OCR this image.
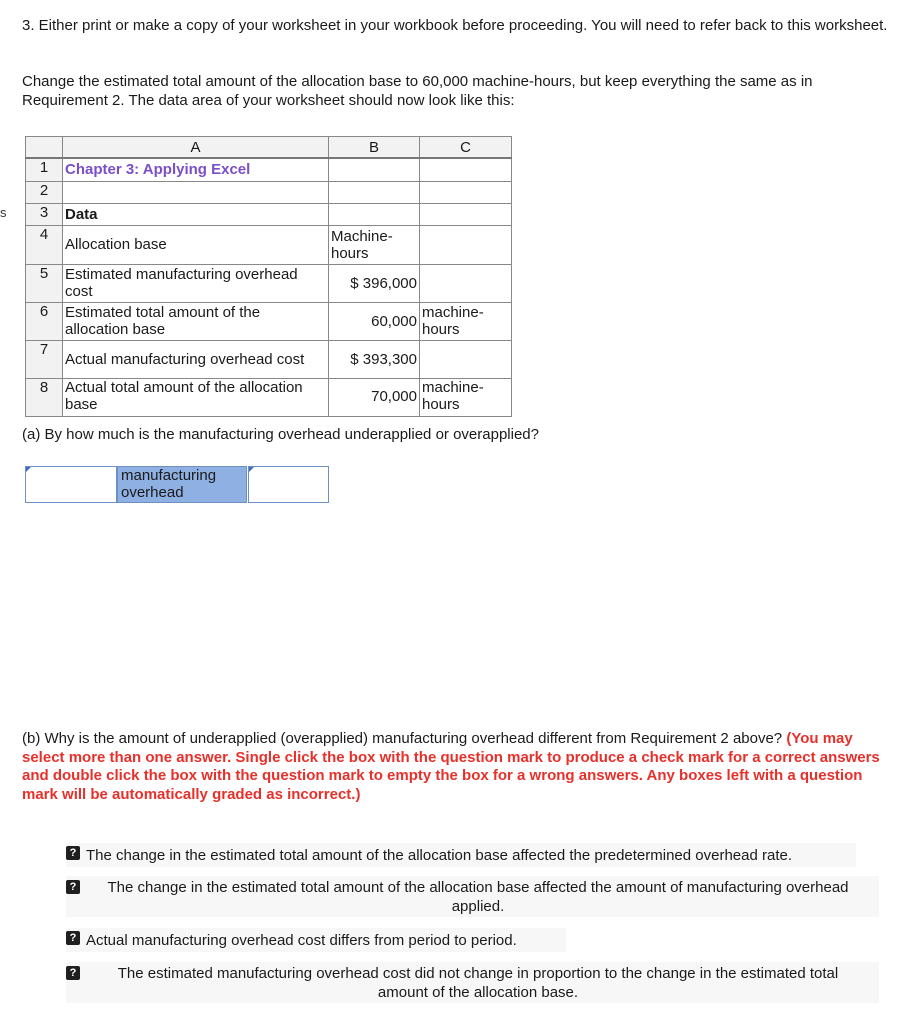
s

3. Either print or make a copy of your worksheet in your workbook before proceeding. You will need to refer back to this worksheet.

Change the estimated total amount of the allocation base to 60,000 machine-hours, but keep everything the same as in Requirement 2. The data area of your worksheet should now look like this:

	A	B	C
1	Chapter 3: Applying Excel		
2			
3	Data		
4	Allocation base	Machine-hours	
5	Estimated manufacturing overhead cost	$ 396,000	
6	Estimated total amount of the allocation base	60,000	machine-hours
7	Actual manufacturing overhead cost	$ 393,300	
8	Actual total amount of the allocation base	70,000	machine-hours

(a) By how much is the manufacturing overhead underapplied or overapplied?

manufacturing overhead

(b) Why is the amount of underapplied (overapplied) manufacturing overhead different from Requirement 2 above? (You may select more than one answer. Single click the box with the question mark to produce a check mark for a correct answers and double click the box with the question mark to empty the box for a wrong answers. Any boxes left with a question mark will be automatically graded as incorrect.)

? The change in the estimated total amount of the allocation base affected the predetermined overhead rate.
?	The change in the estimated total amount of the allocation base affected the amount of manufacturing overhead applied.
? Actual manufacturing overhead cost differs from period to period.
?	The estimated manufacturing overhead cost did not change in proportion to the change in the estimated total amount of the allocation base.
